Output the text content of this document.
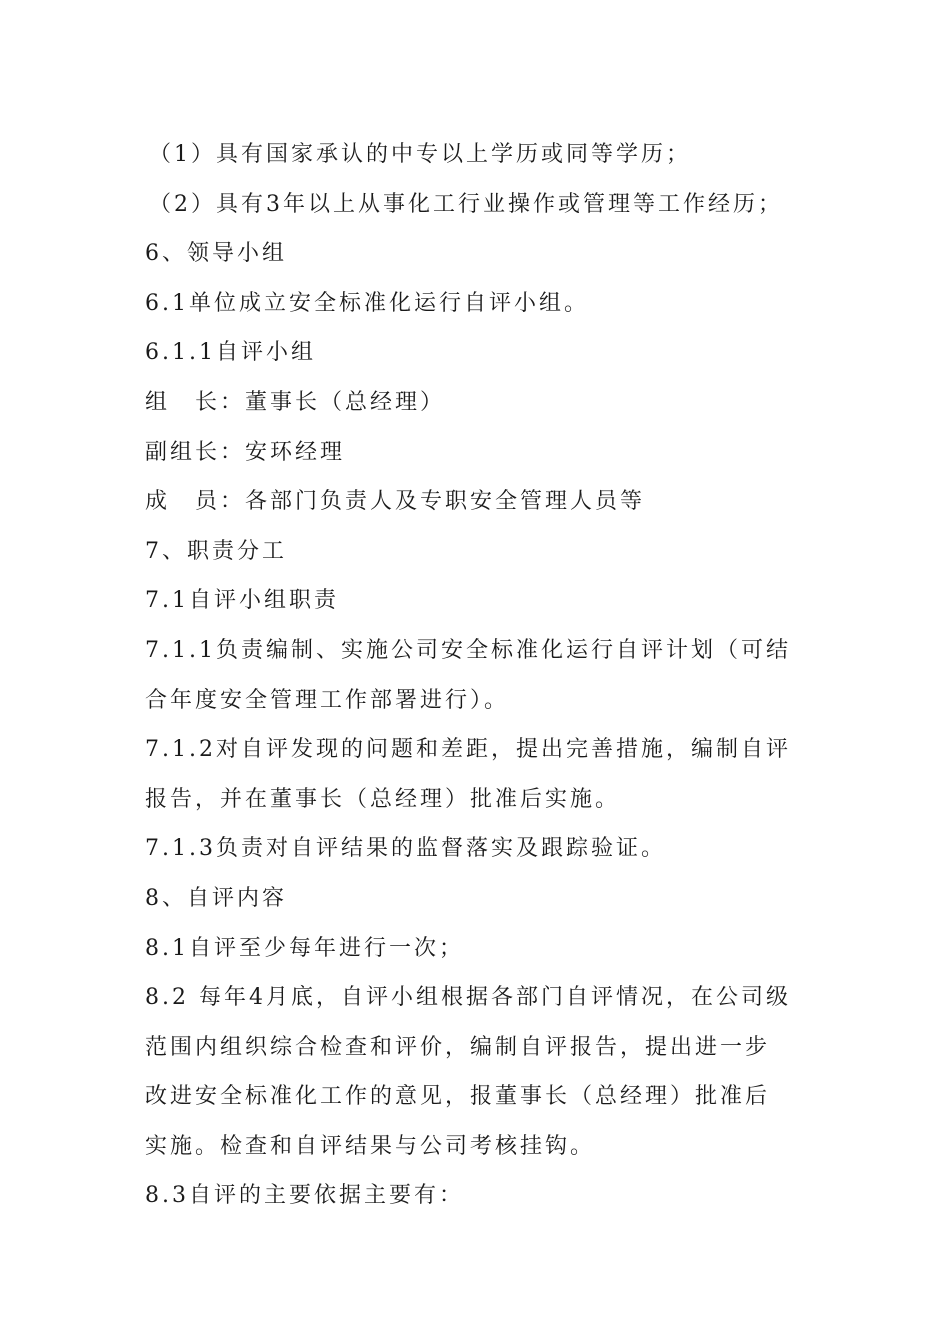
（1）具有国家承认的中专以上学历或同等学历；
（2）具有3年以上从事化工行业操作或管理等工作经历；
6、领导小组
6.1单位成立安全标准化运行自评小组。
6.1.1自评小组
组　长：董事长（总经理）
副组长：安环经理
成　员：各部门负责人及专职安全管理人员等
7、职责分工
7.1自评小组职责
7.1.1负责编制、实施公司安全标准化运行自评计划（可结
合年度安全管理工作部署进行）。
7.1.2对自评发现的问题和差距，提出完善措施，编制自评
报告，并在董事长（总经理）批准后实施。
7.1.3负责对自评结果的监督落实及跟踪验证。
8、自评内容
8.1自评至少每年进行一次；
8.2 每年4月底，自评小组根据各部门自评情况，在公司级
范围内组织综合检查和评价，编制自评报告，提出进一步
改进安全标准化工作的意见，报董事长（总经理）批准后
实施。检查和自评结果与公司考核挂钩。
8.3自评的主要依据主要有：
